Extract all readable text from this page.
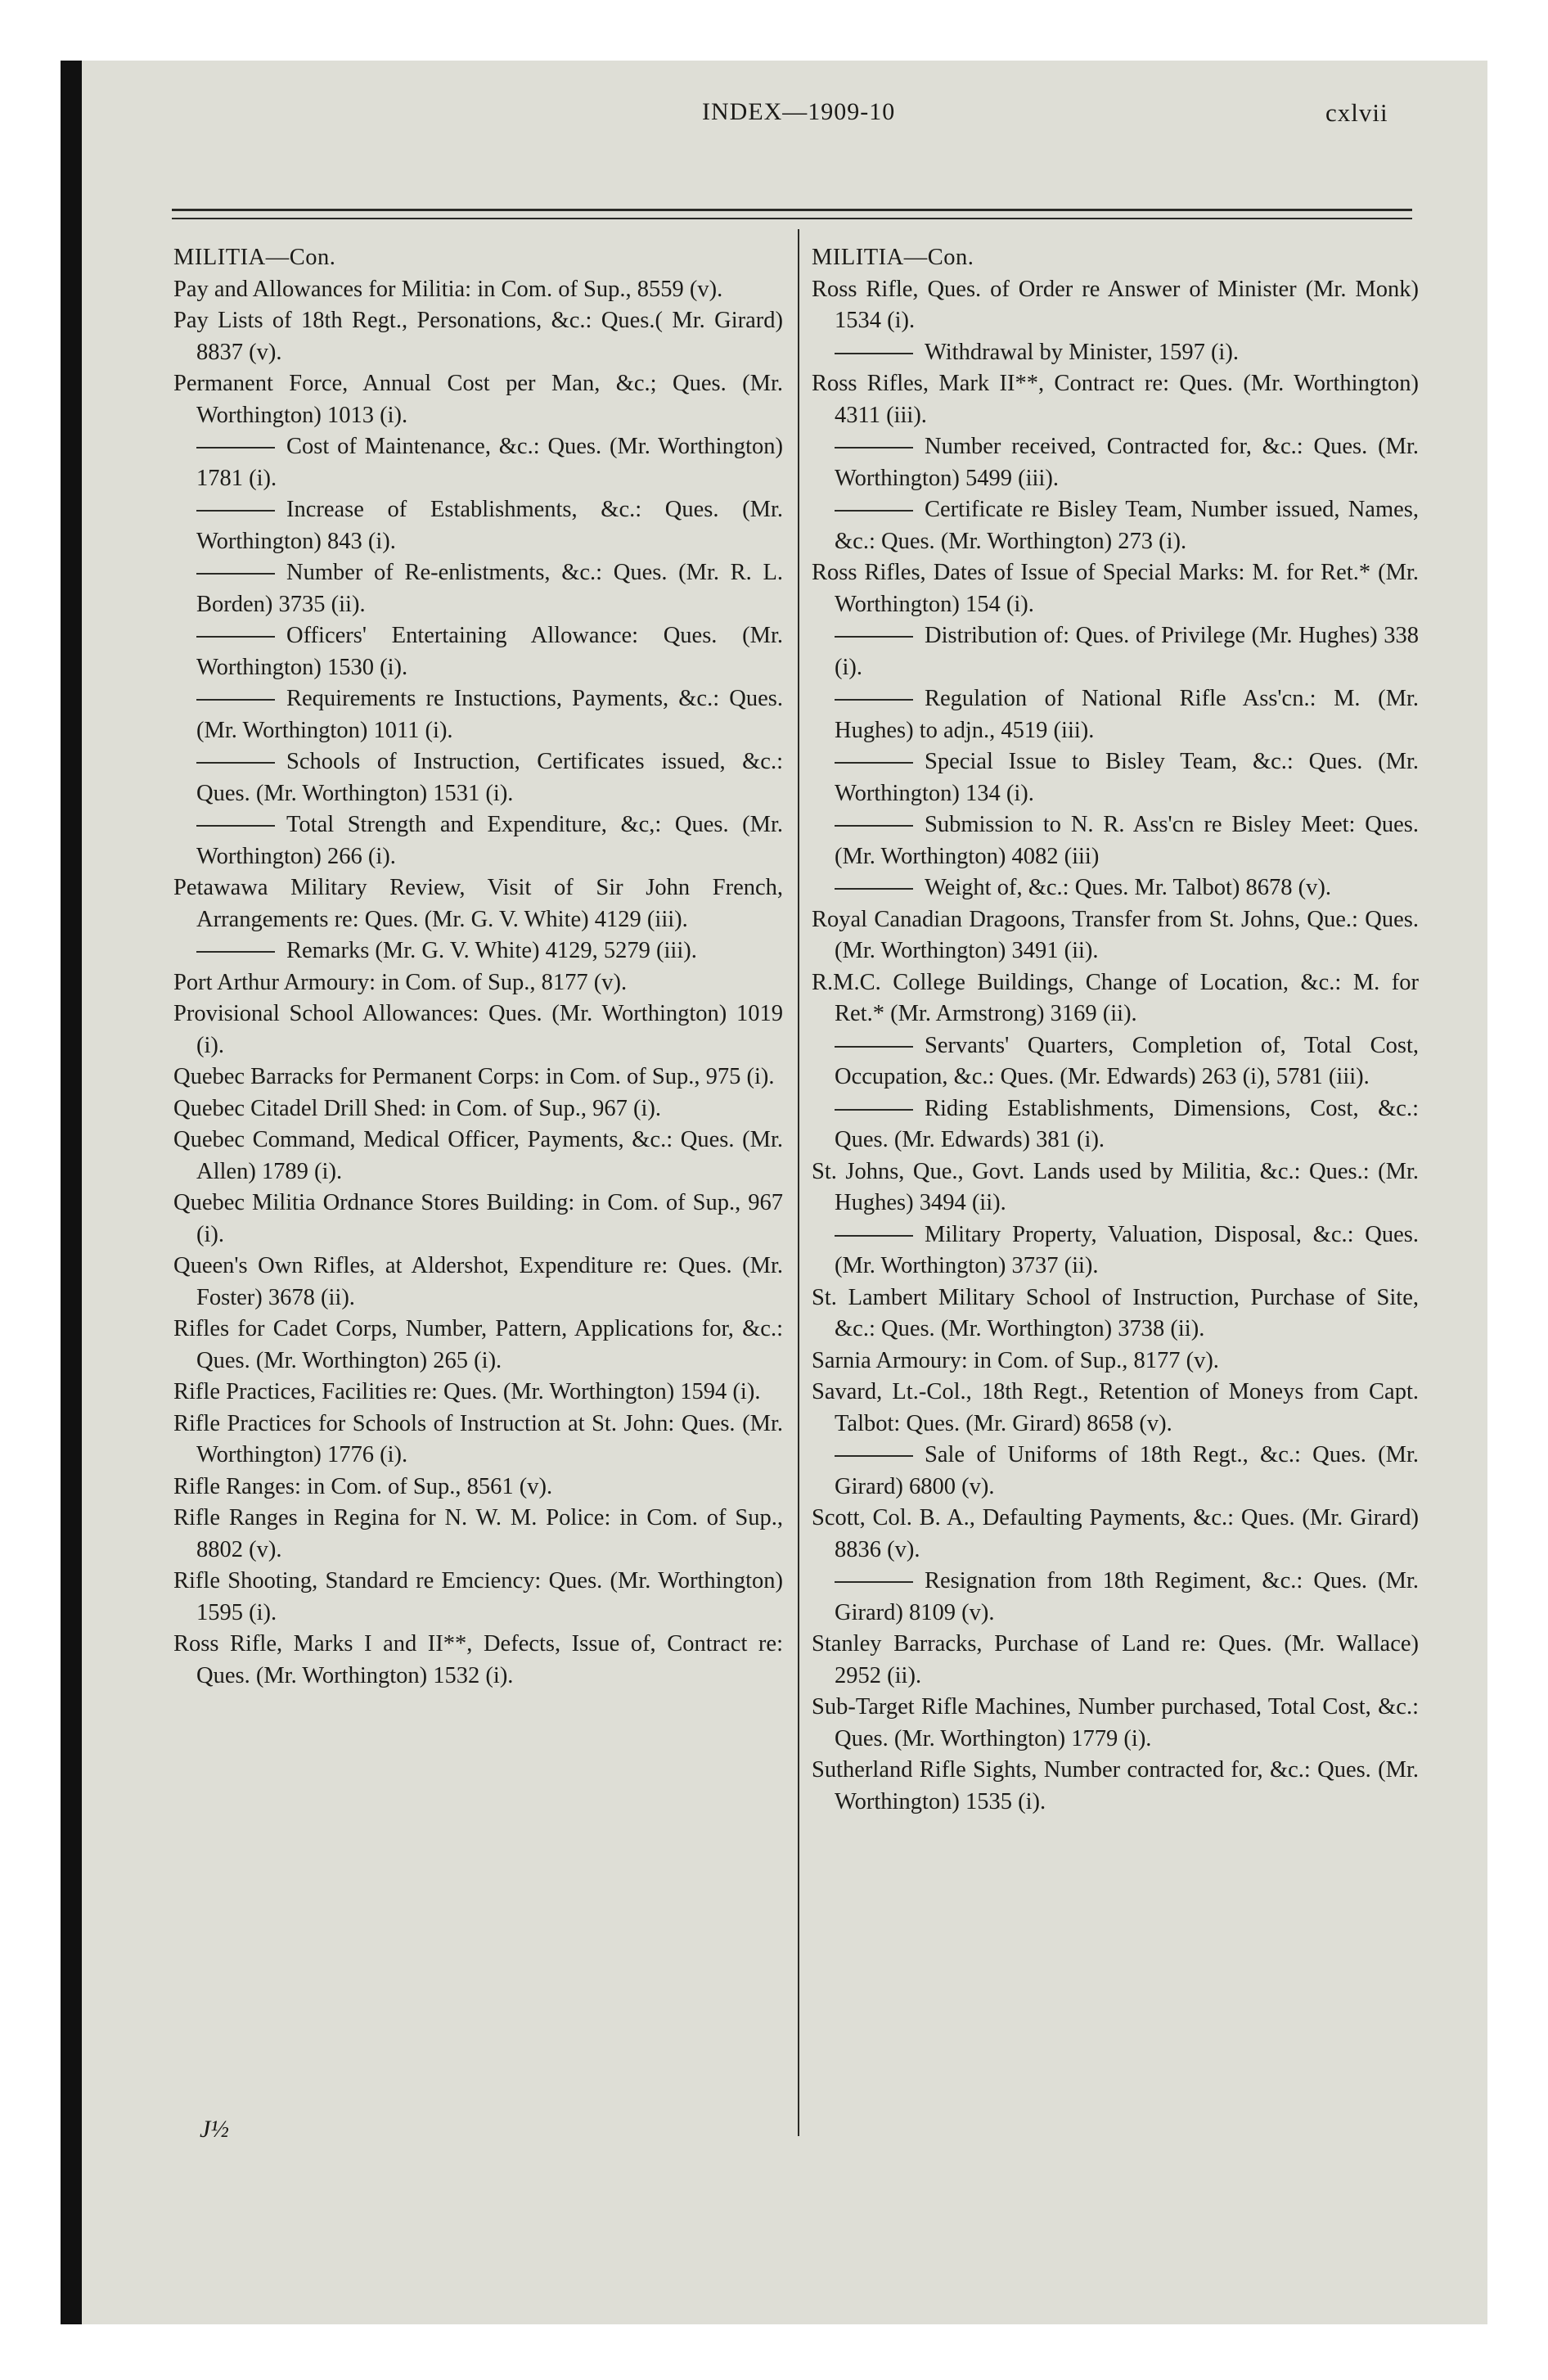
INDEX—1909-10	cxlvii
MILITIA—Con.

Pay and Allowances for Militia: in Com. of Sup., 8559 (v).

Pay Lists of 18th Regt., Personations, &c.: Ques.( Mr. Girard) 8837 (v).

Permanent Force, Annual Cost per Man, &c.; Ques. (Mr. Worthington) 1013 (i).

Cost of Maintenance, &c.: Ques. (Mr. Worthington) 1781 (i).

Increase of Establishments, &c.: Ques. (Mr. Worthington) 843 (i).

Number of Re-enlistments, &c.: Ques. (Mr. R. L. Borden) 3735 (ii).

Officers' Entertaining Allowance: Ques. (Mr. Worthington) 1530 (i).

Requirements re Instuctions, Payments, &c.: Ques. (Mr. Worthington) 1011 (i).

Schools of Instruction, Certificates issued, &c.: Ques. (Mr. Worthington) 1531 (i).

Total Strength and Expenditure, &c,: Ques. (Mr. Worthington) 266 (i).

Petawawa Military Review, Visit of Sir John French, Arrangements re: Ques. (Mr. G. V. White) 4129 (iii).

Remarks (Mr. G. V. White) 4129, 5279 (iii).

Port Arthur Armoury: in Com. of Sup., 8177 (v).

Provisional School Allowances: Ques. (Mr. Worthington) 1019 (i).

Quebec Barracks for Permanent Corps: in Com. of Sup., 975 (i).

Quebec Citadel Drill Shed: in Com. of Sup., 967 (i).

Quebec Command, Medical Officer, Payments, &c.: Ques. (Mr. Allen) 1789 (i).

Quebec Militia Ordnance Stores Building: in Com. of Sup., 967 (i).

Queen's Own Rifles, at Aldershot, Expenditure re: Ques. (Mr. Foster) 3678 (ii).

Rifles for Cadet Corps, Number, Pattern, Applications for, &c.: Ques. (Mr. Worthington) 265 (i).

Rifle Practices, Facilities re: Ques. (Mr. Worthington) 1594 (i).

Rifle Practices for Schools of Instruction at St. John: Ques. (Mr. Worthington) 1776 (i).

Rifle Ranges: in Com. of Sup., 8561 (v).

Rifle Ranges in Regina for N. W. M. Police: in Com. of Sup., 8802 (v).

Rifle Shooting, Standard re Emciency: Ques. (Mr. Worthington) 1595 (i).

Ross Rifle, Marks I and II**, Defects, Issue of, Contract re: Ques. (Mr. Worthington) 1532 (i).

MILITIA—Con.

Ross Rifle, Ques. of Order re Answer of Minister (Mr. Monk) 1534 (i).

Withdrawal by Minister, 1597 (i).

Ross Rifles, Mark II**, Contract re: Ques. (Mr. Worthington) 4311 (iii).

Number received, Contracted for, &c.: Ques. (Mr. Worthington) 5499 (iii).

Certificate re Bisley Team, Number issued, Names, &c.: Ques. (Mr. Worthington) 273 (i).

Ross Rifles, Dates of Issue of Special Marks: M. for Ret.* (Mr. Worthington) 154 (i).

Distribution of: Ques. of Privilege (Mr. Hughes) 338 (i).

Regulation of National Rifle Ass'cn.: M. (Mr. Hughes) to adjn., 4519 (iii).

Special Issue to Bisley Team, &c.: Ques. (Mr. Worthington) 134 (i).

Submission to N. R. Ass'cn re Bisley Meet: Ques. (Mr. Worthington) 4082 (iii)

Weight of, &c.: Ques. Mr. Talbot) 8678 (v).

Royal Canadian Dragoons, Transfer from St. Johns, Que.: Ques. (Mr. Worthington) 3491 (ii).

R.M.C. College Buildings, Change of Location, &c.: M. for Ret.* (Mr. Armstrong) 3169 (ii).

Servants' Quarters, Completion of, Total Cost, Occupation, &c.: Ques. (Mr. Edwards) 263 (i), 5781 (iii).

Riding Establishments, Dimensions, Cost, &c.: Ques. (Mr. Edwards) 381 (i).

St. Johns, Que., Govt. Lands used by Militia, &c.: Ques.: (Mr. Hughes) 3494 (ii).

Military Property, Valuation, Disposal, &c.: Ques. (Mr. Worthington) 3737 (ii).

St. Lambert Military School of Instruction, Purchase of Site, &c.: Ques. (Mr. Worthington) 3738 (ii).

Sarnia Armoury: in Com. of Sup., 8177 (v).

Savard, Lt.-Col., 18th Regt., Retention of Moneys from Capt. Talbot: Ques. (Mr. Girard) 8658 (v).

Sale of Uniforms of 18th Regt., &c.: Ques. (Mr. Girard) 6800 (v).

Scott, Col. B. A., Defaulting Payments, &c.: Ques. (Mr. Girard) 8836 (v).

Resignation from 18th Regiment, &c.: Ques. (Mr. Girard) 8109 (v).

Stanley Barracks, Purchase of Land re: Ques. (Mr. Wallace) 2952 (ii).

Sub-Target Rifle Machines, Number purchased, Total Cost, &c.: Ques. (Mr. Worthington) 1779 (i).

Sutherland Rifle Sights, Number contracted for, &c.: Ques. (Mr. Worthington) 1535 (i).

J½
